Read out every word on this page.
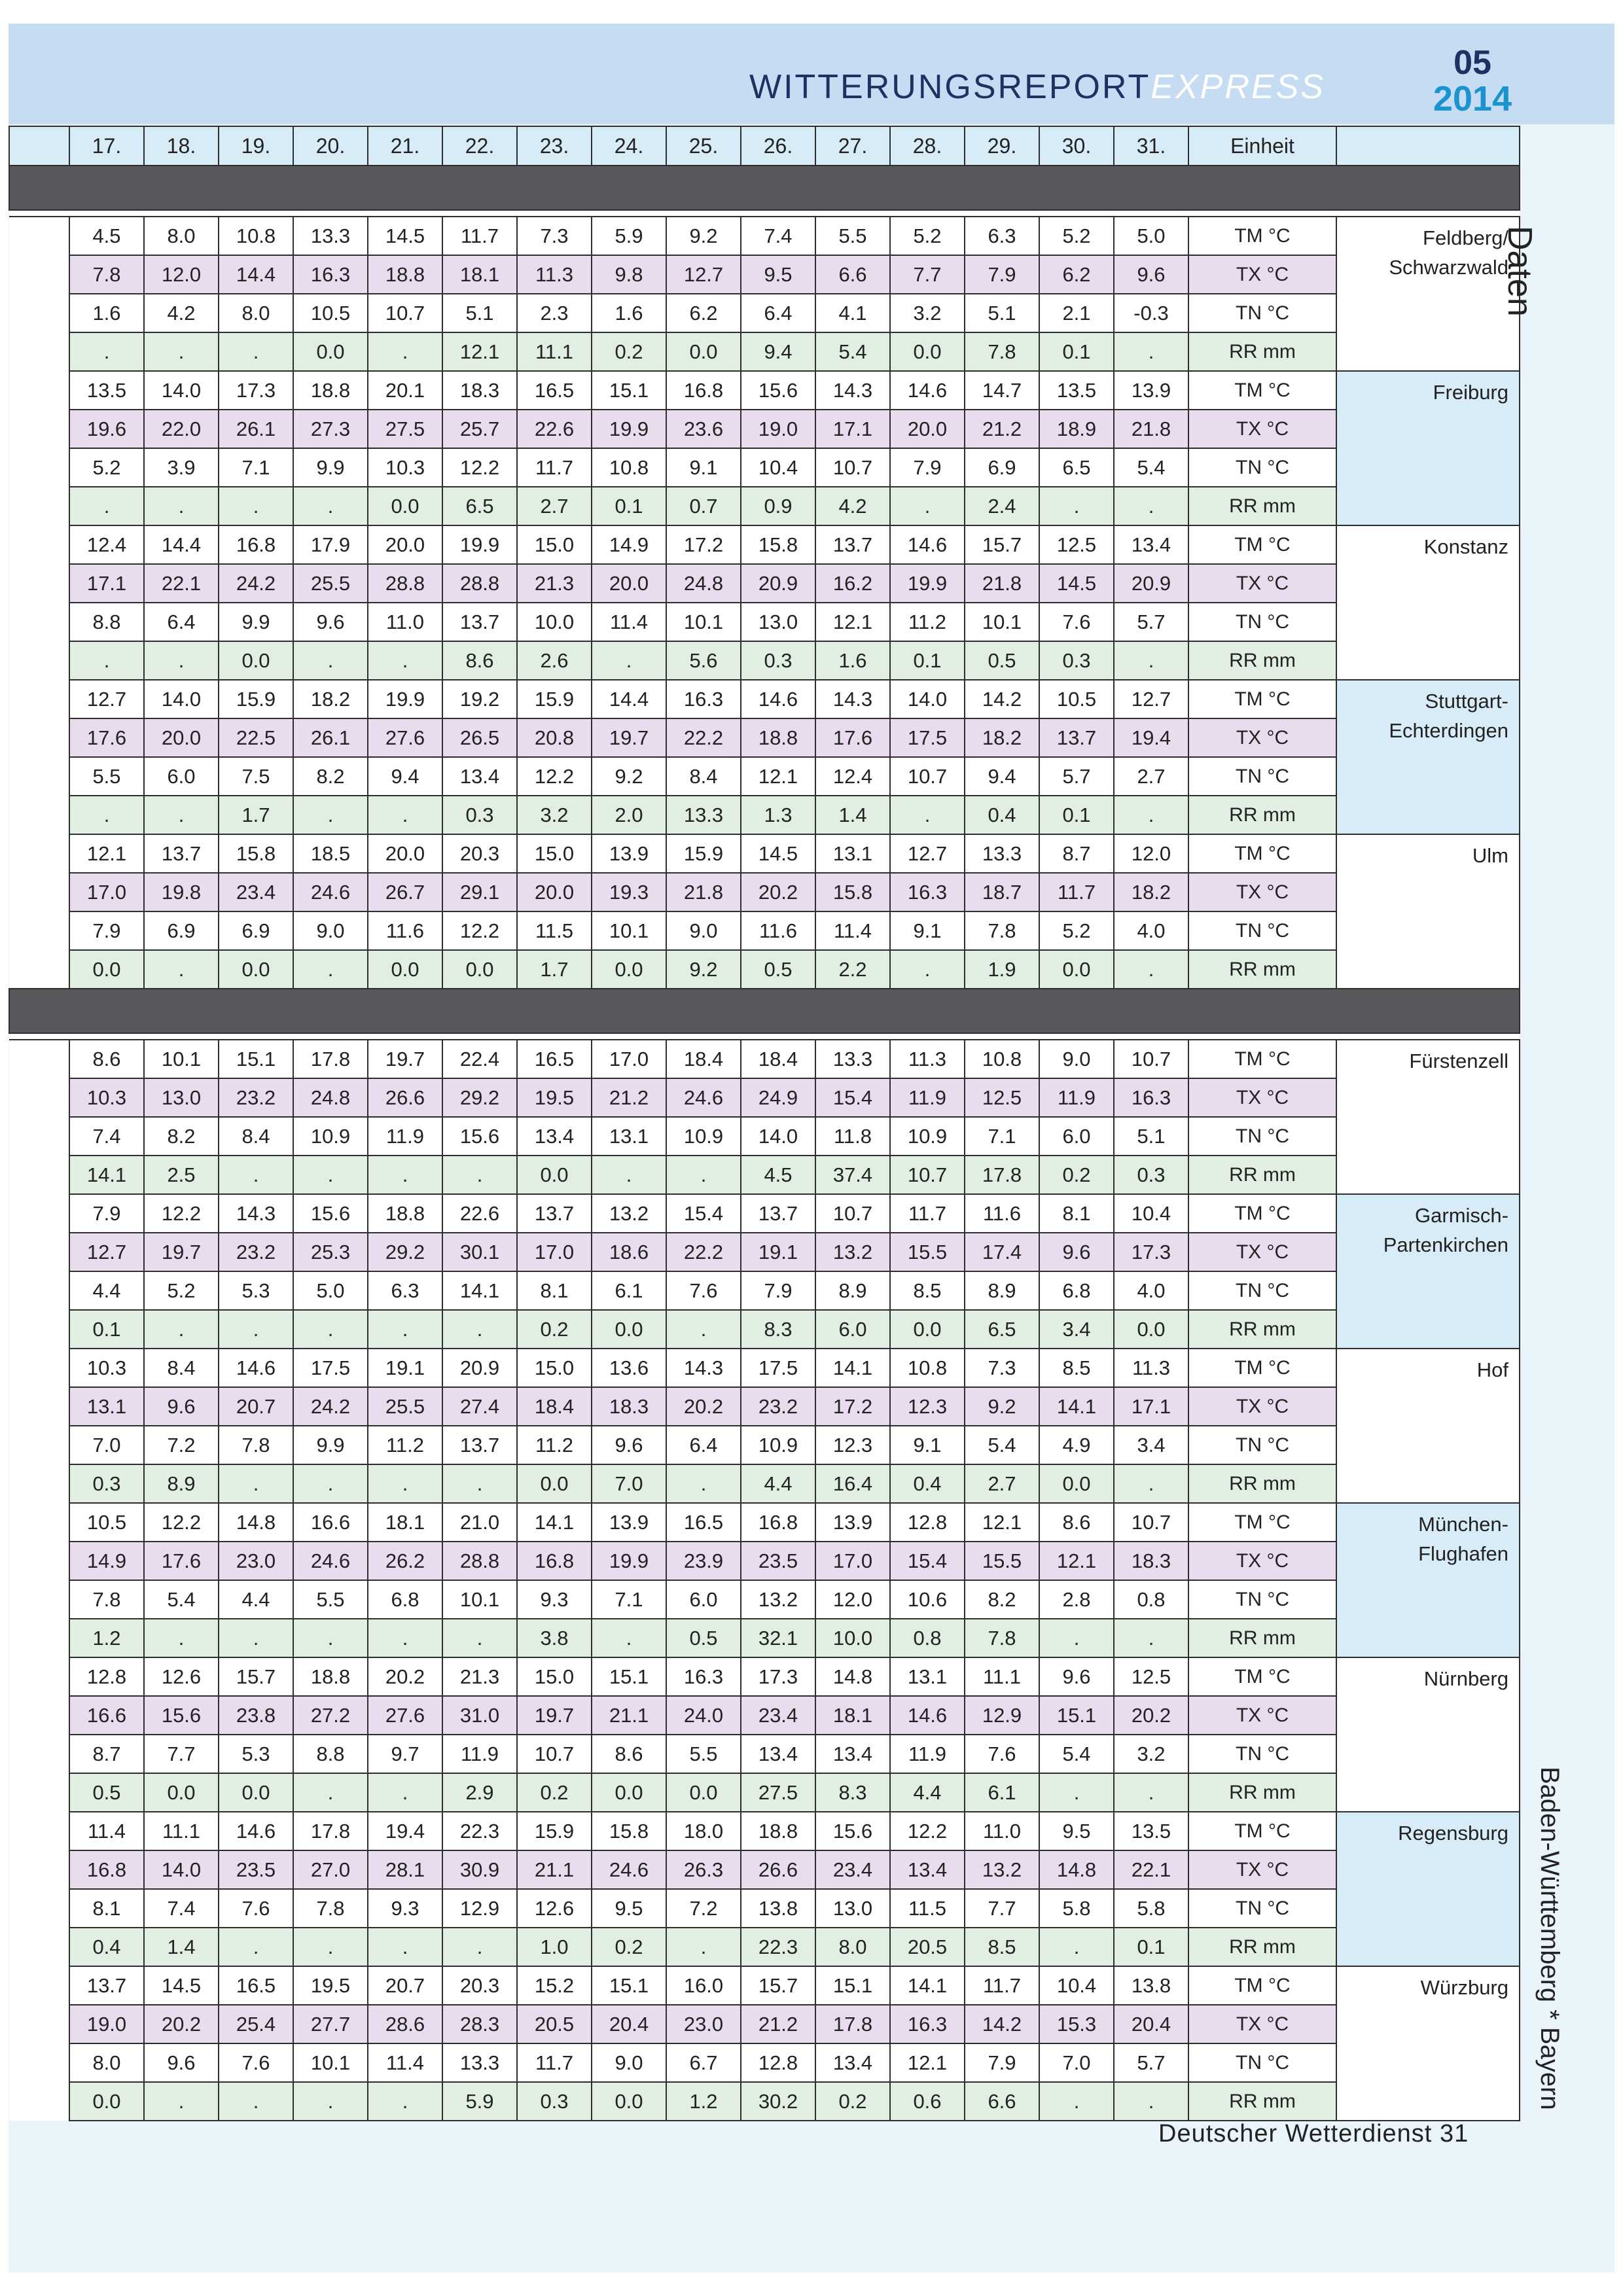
WITTERUNGSREPORTEXPRESS
05
2014
	17.	18.	19.	20.	21.	22.	23.	24.	25.	26.	27.	28.	29.	30.	31.	Einheit	

	4.5	8.0	10.8	13.3	14.5	11.7	7.3	5.9	9.2	7.4	5.5	5.2	6.3	5.2	5.0	TM °C	Feldberg/ Schwarzwald
	7.8	12.0	14.4	16.3	18.8	18.1	11.3	9.8	12.7	9.5	6.6	7.7	7.9	6.2	9.6	TX °C	
	1.6	4.2	8.0	10.5	10.7	5.1	2.3	1.6	6.2	6.4	4.1	3.2	5.1	2.1	-0.3	TN °C	
	.	.	.	0.0	.	12.1	11.1	0.2	0.0	9.4	5.4	0.0	7.8	0.1	.	RR mm	
	13.5	14.0	17.3	18.8	20.1	18.3	16.5	15.1	16.8	15.6	14.3	14.6	14.7	13.5	13.9	TM °C	Freiburg
	19.6	22.0	26.1	27.3	27.5	25.7	22.6	19.9	23.6	19.0	17.1	20.0	21.2	18.9	21.8	TX °C	
	5.2	3.9	7.1	9.9	10.3	12.2	11.7	10.8	9.1	10.4	10.7	7.9	6.9	6.5	5.4	TN °C	
	.	.	.	.	0.0	6.5	2.7	0.1	0.7	0.9	4.2	.	2.4	.	.	RR mm	
	12.4	14.4	16.8	17.9	20.0	19.9	15.0	14.9	17.2	15.8	13.7	14.6	15.7	12.5	13.4	TM °C	Konstanz
	17.1	22.1	24.2	25.5	28.8	28.8	21.3	20.0	24.8	20.9	16.2	19.9	21.8	14.5	20.9	TX °C	
	8.8	6.4	9.9	9.6	11.0	13.7	10.0	11.4	10.1	13.0	12.1	11.2	10.1	7.6	5.7	TN °C	
	.	.	0.0	.	.	8.6	2.6	.	5.6	0.3	1.6	0.1	0.5	0.3	.	RR mm	
	12.7	14.0	15.9	18.2	19.9	19.2	15.9	14.4	16.3	14.6	14.3	14.0	14.2	10.5	12.7	TM °C	Stuttgart-Echterdingen
	17.6	20.0	22.5	26.1	27.6	26.5	20.8	19.7	22.2	18.8	17.6	17.5	18.2	13.7	19.4	TX °C	
	5.5	6.0	7.5	8.2	9.4	13.4	12.2	9.2	8.4	12.1	12.4	10.7	9.4	5.7	2.7	TN °C	
	.	.	1.7	.	.	0.3	3.2	2.0	13.3	1.3	1.4	.	0.4	0.1	.	RR mm	
	12.1	13.7	15.8	18.5	20.0	20.3	15.0	13.9	15.9	14.5	13.1	12.7	13.3	8.7	12.0	TM °C	Ulm
	17.0	19.8	23.4	24.6	26.7	29.1	20.0	19.3	21.8	20.2	15.8	16.3	18.7	11.7	18.2	TX °C	
	7.9	6.9	6.9	9.0	11.6	12.2	11.5	10.1	9.0	11.6	11.4	9.1	7.8	5.2	4.0	TN °C	
	0.0	.	0.0	.	0.0	0.0	1.7	0.0	9.2	0.5	2.2	.	1.9	0.0	.	RR mm	

	8.6	10.1	15.1	17.8	19.7	22.4	16.5	17.0	18.4	18.4	13.3	11.3	10.8	9.0	10.7	TM °C	Fürstenzell
	10.3	13.0	23.2	24.8	26.6	29.2	19.5	21.2	24.6	24.9	15.4	11.9	12.5	11.9	16.3	TX °C	
	7.4	8.2	8.4	10.9	11.9	15.6	13.4	13.1	10.9	14.0	11.8	10.9	7.1	6.0	5.1	TN °C	
	14.1	2.5	.	.	.	.	0.0	.	.	4.5	37.4	10.7	17.8	0.2	0.3	RR mm	
	7.9	12.2	14.3	15.6	18.8	22.6	13.7	13.2	15.4	13.7	10.7	11.7	11.6	8.1	10.4	TM °C	Garmisch- Partenkirchen
	12.7	19.7	23.2	25.3	29.2	30.1	17.0	18.6	22.2	19.1	13.2	15.5	17.4	9.6	17.3	TX °C	
	4.4	5.2	5.3	5.0	6.3	14.1	8.1	6.1	7.6	7.9	8.9	8.5	8.9	6.8	4.0	TN °C	
	0.1	.	.	.	.	.	0.2	0.0	.	8.3	6.0	0.0	6.5	3.4	0.0	RR mm	
	10.3	8.4	14.6	17.5	19.1	20.9	15.0	13.6	14.3	17.5	14.1	10.8	7.3	8.5	11.3	TM °C	Hof
	13.1	9.6	20.7	24.2	25.5	27.4	18.4	18.3	20.2	23.2	17.2	12.3	9.2	14.1	17.1	TX °C	
	7.0	7.2	7.8	9.9	11.2	13.7	11.2	9.6	6.4	10.9	12.3	9.1	5.4	4.9	3.4	TN °C	
	0.3	8.9	.	.	.	.	0.0	7.0	.	4.4	16.4	0.4	2.7	0.0	.	RR mm	
	10.5	12.2	14.8	16.6	18.1	21.0	14.1	13.9	16.5	16.8	13.9	12.8	12.1	8.6	10.7	TM °C	München-Flughafen
	14.9	17.6	23.0	24.6	26.2	28.8	16.8	19.9	23.9	23.5	17.0	15.4	15.5	12.1	18.3	TX °C	
	7.8	5.4	4.4	5.5	6.8	10.1	9.3	7.1	6.0	13.2	12.0	10.6	8.2	2.8	0.8	TN °C	
	1.2	.	.	.	.	.	3.8	.	0.5	32.1	10.0	0.8	7.8	.	.	RR mm	
	12.8	12.6	15.7	18.8	20.2	21.3	15.0	15.1	16.3	17.3	14.8	13.1	11.1	9.6	12.5	TM °C	Nürnberg
	16.6	15.6	23.8	27.2	27.6	31.0	19.7	21.1	24.0	23.4	18.1	14.6	12.9	15.1	20.2	TX °C	
	8.7	7.7	5.3	8.8	9.7	11.9	10.7	8.6	5.5	13.4	13.4	11.9	7.6	5.4	3.2	TN °C	
	0.5	0.0	0.0	.	.	2.9	0.2	0.0	0.0	27.5	8.3	4.4	6.1	.	.	RR mm	
	11.4	11.1	14.6	17.8	19.4	22.3	15.9	15.8	18.0	18.8	15.6	12.2	11.0	9.5	13.5	TM °C	Regensburg
	16.8	14.0	23.5	27.0	28.1	30.9	21.1	24.6	26.3	26.6	23.4	13.4	13.2	14.8	22.1	TX °C	
	8.1	7.4	7.6	7.8	9.3	12.9	12.6	9.5	7.2	13.8	13.0	11.5	7.7	5.8	5.8	TN °C	
	0.4	1.4	.	.	.	.	1.0	0.2	.	22.3	8.0	20.5	8.5	.	0.1	RR mm	
	13.7	14.5	16.5	19.5	20.7	20.3	15.2	15.1	16.0	15.7	15.1	14.1	11.7	10.4	13.8	TM °C	Würzburg
	19.0	20.2	25.4	27.7	28.6	28.3	20.5	20.4	23.0	21.2	17.8	16.3	14.2	15.3	20.4	TX °C	
	8.0	9.6	7.6	10.1	11.4	13.3	11.7	9.0	6.7	12.8	13.4	12.1	7.9	7.0	5.7	TN °C	
	0.0	.	.	.	.	5.9	0.3	0.0	1.2	30.2	0.2	0.6	6.6	.	.	RR mm	
Daten
Baden-Württemberg * Bayern
Deutscher Wetterdienst 31
